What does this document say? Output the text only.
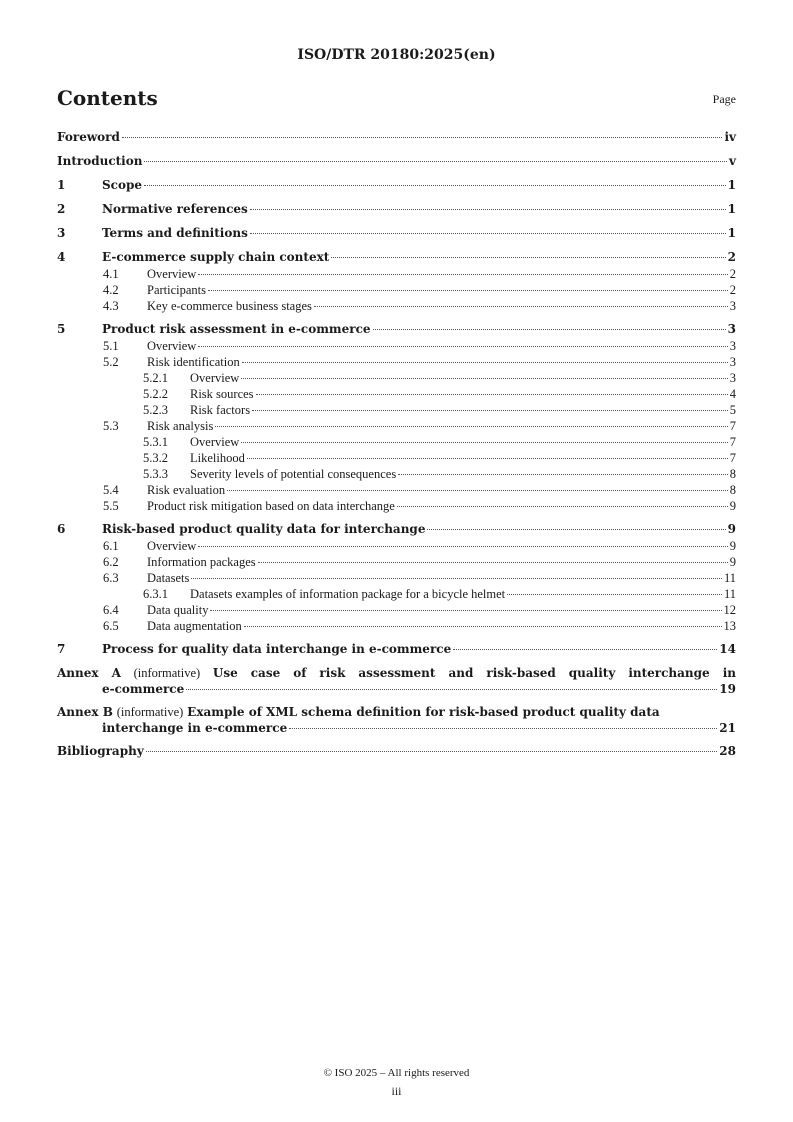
ISO/DTR 20180:2025(en)
Contents	Page
Foreword	iv
Introduction	v
1	Scope	1
2	Normative references	1
3	Terms and definitions	1
4	E-commerce supply chain context	2
4.1	Overview	2
4.2	Participants	2
4.3	Key e-commerce business stages	3
5	Product risk assessment in e-commerce	3
5.1	Overview	3
5.2	Risk identification	3
5.2.1	Overview	3
5.2.2	Risk sources	4
5.2.3	Risk factors	5
5.3	Risk analysis	7
5.3.1	Overview	7
5.3.2	Likelihood	7
5.3.3	Severity levels of potential consequences	8
5.4	Risk evaluation	8
5.5	Product risk mitigation based on data interchange	9
6	Risk-based product quality data for interchange	9
6.1	Overview	9
6.2	Information packages	9
6.3	Datasets	11
6.3.1	Datasets examples of information package for a bicycle helmet	11
6.4	Data quality	12
6.5	Data augmentation	13
7	Process for quality data interchange in e-commerce	14
Annex A (informative) Use case of risk assessment and risk-based quality interchange in
e-commerce	19
Annex B (informative) Example of XML schema definition for risk-based product quality data
interchange in e-commerce	21
Bibliography	28
© ISO 2025 – All rights reserved
iii
